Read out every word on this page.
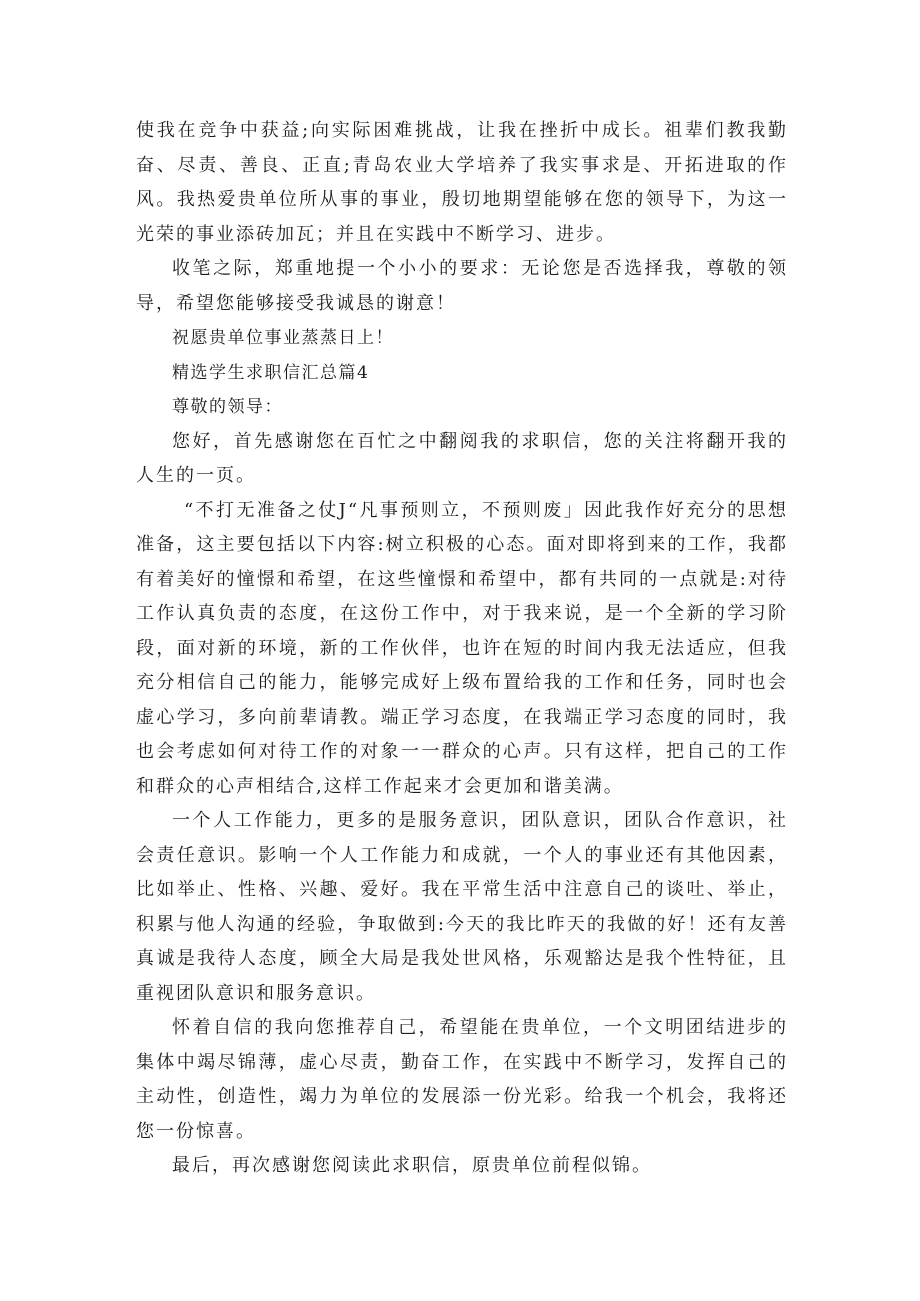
使我在竞争中获益;向实际困难挑战，让我在挫折中成长。祖辈们教我勤奋、尽责、善良、正直;青岛农业大学培养了我实事求是、开拓进取的作风。我热爱贵单位所从事的事业，殷切地期望能够在您的领导下，为这一光荣的事业添砖加瓦；并且在实践中不断学习、进步。

收笔之际，郑重地提一个小小的要求：无论您是否选择我，尊敬的领导，希望您能够接受我诚恳的谢意！

祝愿贵单位事业蒸蒸日上！

精选学生求职信汇总篇4

尊敬的领导：

您好，首先感谢您在百忙之中翻阅我的求职信，您的关注将翻开我的人生的一页。

“不打无准备之仗J“凡事预则立，不预则废」因此我作好充分的思想准备，这主要包括以下内容:树立积极的心态。面对即将到来的工作，我都有着美好的憧憬和希望，在这些憧憬和希望中，都有共同的一点就是:对待工作认真负责的态度，在这份工作中，对于我来说，是一个全新的学习阶段，面对新的环境，新的工作伙伴，也许在短的时间内我无法适应，但我充分相信自己的能力，能够完成好上级布置给我的工作和任务，同时也会虚心学习，多向前辈请教。端正学习态度，在我端正学习态度的同时，我也会考虑如何对待工作的对象一一群众的心声。只有这样，把自己的工作和群众的心声相结合,这样工作起来才会更加和谐美满。

一个人工作能力，更多的是服务意识，团队意识，团队合作意识，社会责任意识。影响一个人工作能力和成就，一个人的事业还有其他因素，比如举止、性格、兴趣、爱好。我在平常生活中注意自己的谈吐、举止，积累与他人沟通的经验，争取做到:今天的我比昨天的我做的好！还有友善真诚是我待人态度，顾全大局是我处世风格，乐观豁达是我个性特征，且重视团队意识和服务意识。

怀着自信的我向您推荐自己，希望能在贵单位，一个文明团结进步的集体中竭尽锦薄，虚心尽责，勤奋工作，在实践中不断学习，发挥自己的主动性，创造性，竭力为单位的发展添一份光彩。给我一个机会，我将还您一份惊喜。

最后，再次感谢您阅读此求职信，原贵单位前程似锦。
